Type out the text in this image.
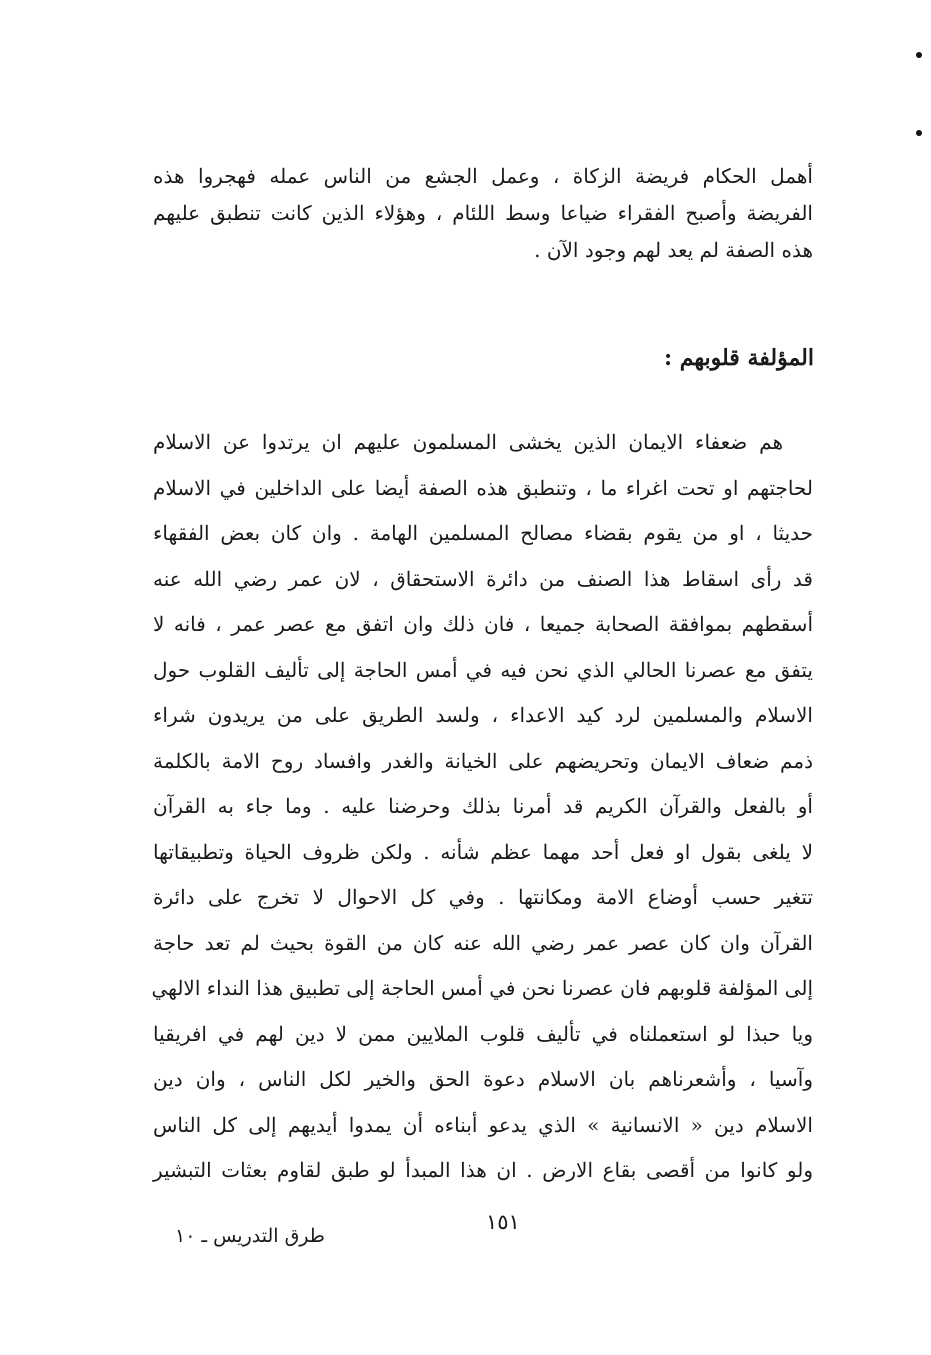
أهمل الحكام فريضة الزكاة ، وعمل الجشع من الناس عمله فهجروا هذه
الفريضة وأصبح الفقراء ضياعا وسط اللئام ، وهؤلاء الذين كانت تنطبق عليهم
هذه الصفة لم يعد لهم وجود الآن .
المؤلفة قلوبهم :
هم ضعفاء الايمان الذين يخشى المسلمون عليهم ان يرتدوا عن الاسلام
لحاجتهم او تحت اغراء ما ، وتنطبق هذه الصفة أيضا على الداخلين في الاسلام
حديثا ، او من يقوم بقضاء مصالح المسلمين الهامة . وان كان بعض الفقهاء
قد رأى اسقاط هذا الصنف من دائرة الاستحقاق ، لان عمر رضي الله عنه
أسقطهم بموافقة الصحابة جميعا ، فان ذلك وان اتفق مع عصر عمر ، فانه لا
يتفق مع عصرنا الحالي الذي نحن فيه في أمس الحاجة إلى تأليف القلوب حول
الاسلام والمسلمين لرد كيد الاعداء ، ولسد الطريق على من يريدون شراء
ذمم ضعاف الايمان وتحريضهم على الخيانة والغدر وافساد روح الامة بالكلمة
أو بالفعل والقرآن الكريم قد أمرنا بذلك وحرضنا عليه . وما جاء به القرآن
لا يلغى بقول او فعل أحد مهما عظم شأنه . ولكن ظروف الحياة وتطبيقاتها
تتغير حسب أوضاع الامة ومكانتها . وفي كل الاحوال لا تخرج على دائرة
القرآن وان كان عصر عمر رضي الله عنه كان من القوة بحيث لم تعد حاجة
إلى المؤلفة قلوبهم فان عصرنا نحن في أمس الحاجة إلى تطبيق هذا النداء الالهي
ويا حبذا لو استعملناه في تأليف قلوب الملايين ممن لا دين لهم في افريقيا
وآسيا ، وأشعرناهم بان الاسلام دعوة الحق والخير لكل الناس ، وان دين
الاسلام دين « الانسانية » الذي يدعو أبناءه أن يمدوا أيديهم إلى كل الناس
ولو كانوا من أقصى بقاع الارض . ان هذا المبدأ لو طبق لقاوم بعثات التبشير
١٥١
طرق التدريس ـ ١٠
